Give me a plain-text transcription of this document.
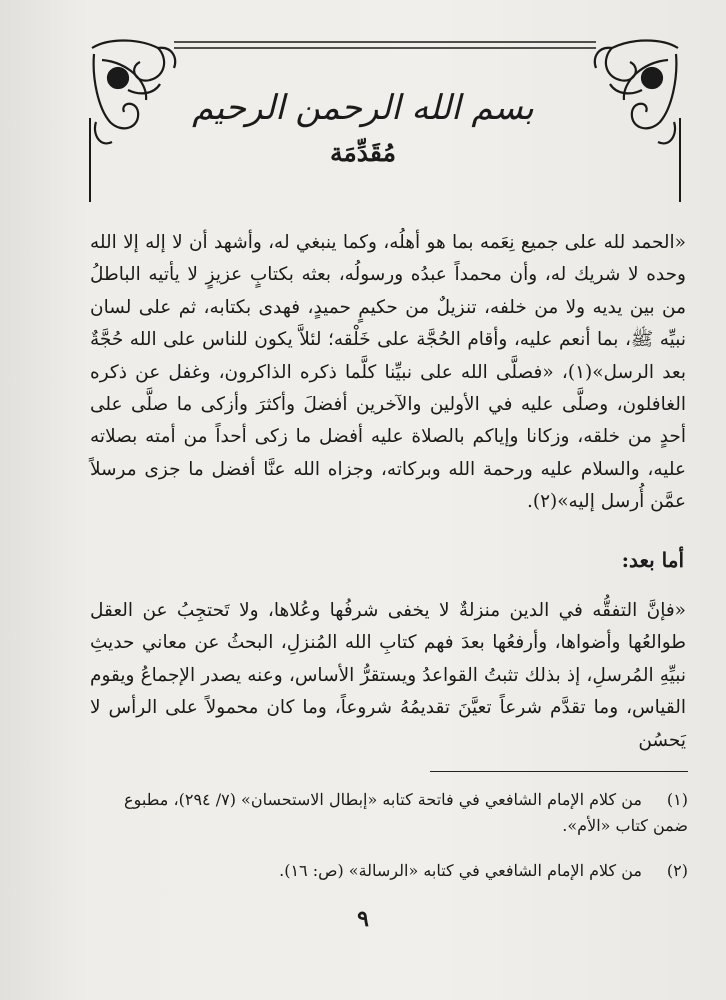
بسم الله الرحمن الرحيم
مُقَدِّمَة
«الحمد لله على جميع نِعَمه بما هو أهلُه، وكما ينبغي له، وأشهد أن لا إله إلا الله وحده لا شريك له، وأن محمداً عبدُه ورسولُه، بعثه بكتابٍ عزيزٍ لا يأتيه الباطلُ من بين يديه ولا من خلفه، تنزيلٌ من حكيمٍ حميدٍ، فهدى بكتابه، ثم على لسان نبيِّه ﷺ، بما أنعم عليه، وأقام الحُجَّة على خَلْقه؛ لئلاَّ يكون للناس على الله حُجَّةٌ بعد الرسل»(١)، «فصلَّى الله على نبيِّنا كلَّما ذكره الذاكرون، وغفل عن ذكره الغافلون، وصلَّى عليه في الأولين والآخرين أفضلَ وأكثرَ وأزكى ما صلَّى على أحدٍ من خلقه، وزكانا وإياكم بالصلاة عليه أفضل ما زكى أحداً من أمته بصلاته عليه، والسلام عليه ورحمة الله وبركاته، وجزاه الله عنَّا أفضل ما جزى مرسلاً عمَّن أُرسل إليه»(٢).
أما بعد:
«فإنَّ التفقُّه في الدين منزلةٌ لا يخفى شرفُها وعُلاها، ولا تَحتجِبُ عن العقل طوالعُها وأضواها، وأرفعُها بعدَ فهم كتابِ الله المُنزلِ، البحثُ عن معاني حديثِ نبيِّهِ المُرسلِ، إذ بذلك تثبتُ القواعدُ ويستقرُّ الأساس، وعنه يصدر الإجماعُ ويقوم القياس، وما تقدَّم شرعاً تعيَّنَ تقديمُهُ شروعاً، وما كان محمولاً على الرأس لا يَحسُن
(١)من كلام الإمام الشافعي في فاتحة كتابه «إبطال الاستحسان» (٧/ ٢٩٤)، مطبوع ضمن كتاب «الأم».
(٢)من كلام الإمام الشافعي في كتابه «الرسالة» (ص: ١٦).
٩
